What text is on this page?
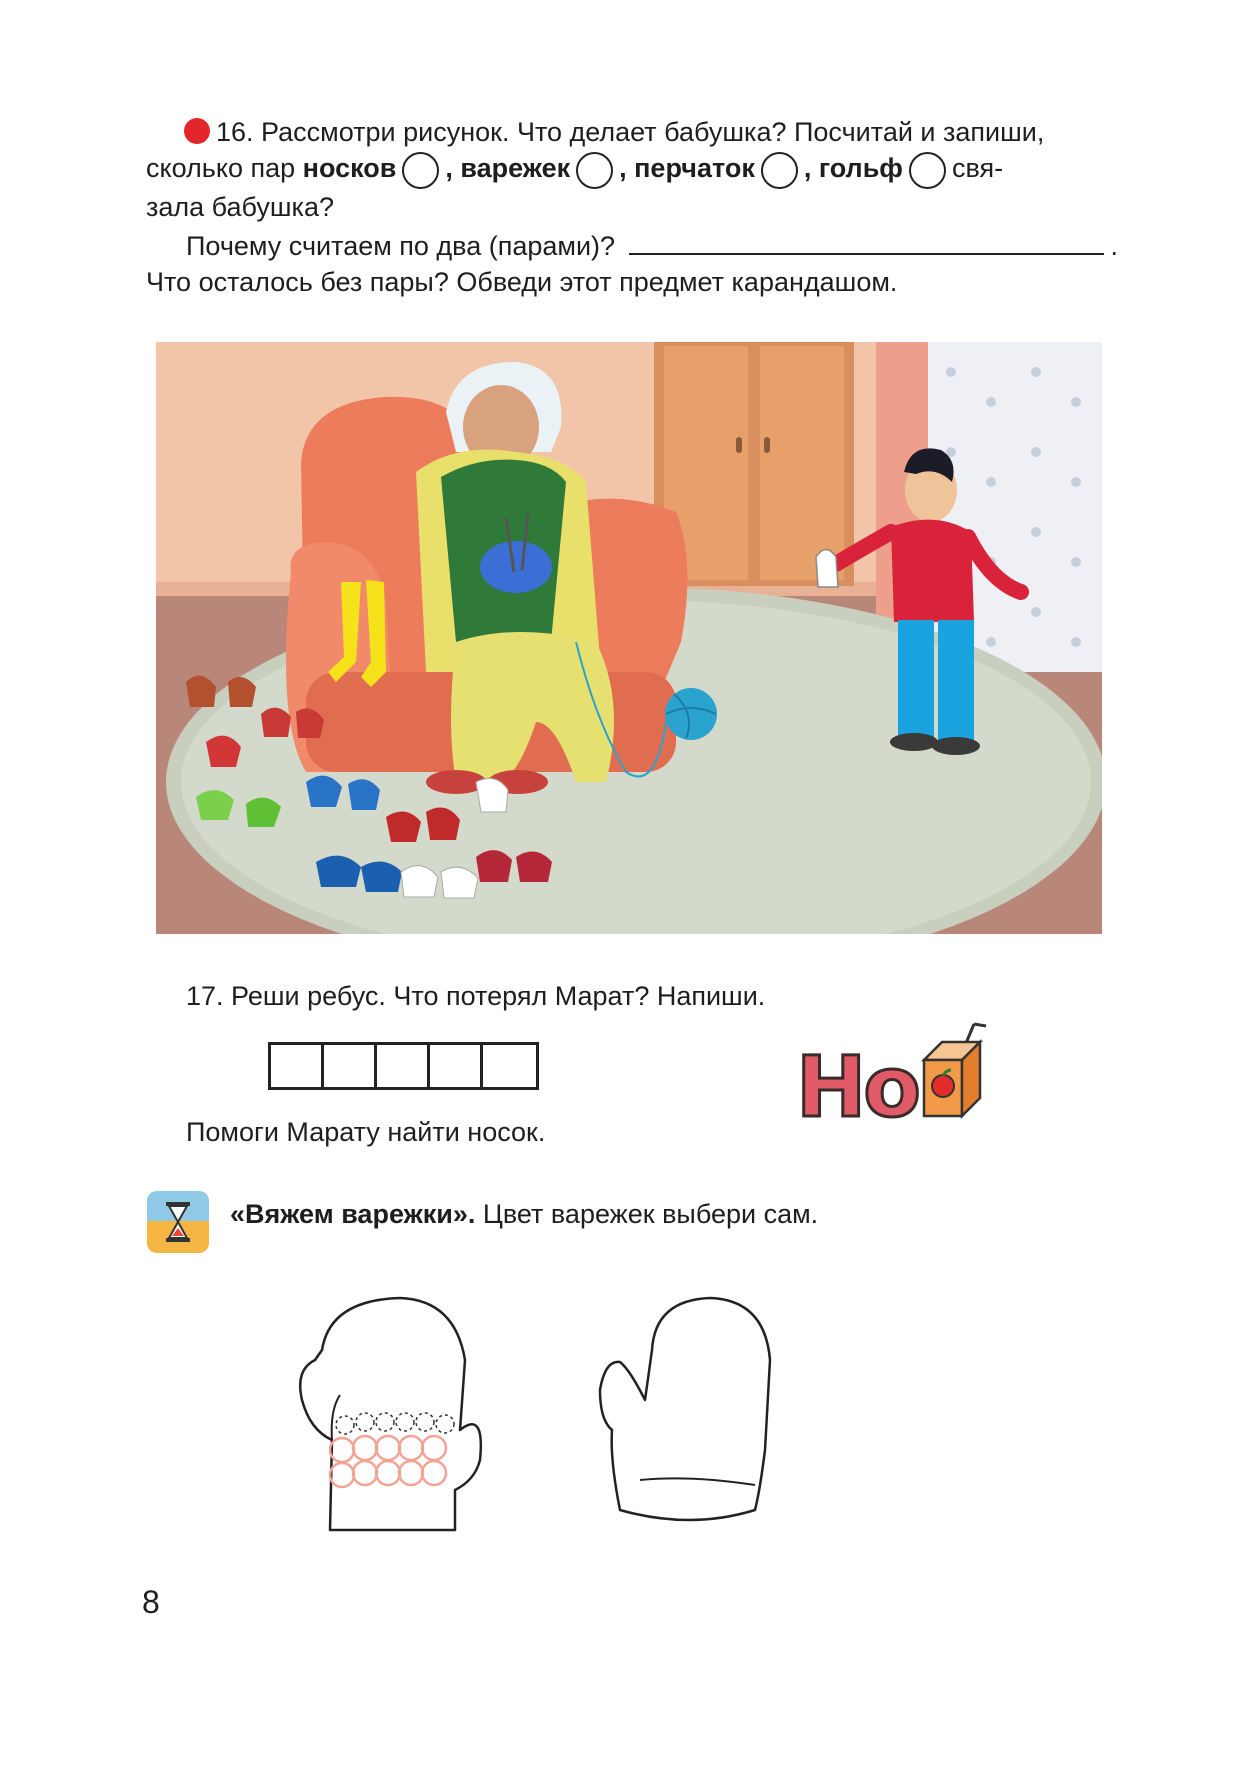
16. Рассмотри рисунок. Что делает бабушка? Посчитай и запиши,
сколько пар носков , варежек , перчаток , гольф свя-
зала бабушка?
Почему считаем по два (парами)?	.
Что осталось без пары? Обведи этот предмет карандашом.
17. Реши ребус. Что потерял Марат? Напиши.
Но
Помоги Марату найти носок.
«Вяжем варежки». Цвет варежек выбери сам.
8
